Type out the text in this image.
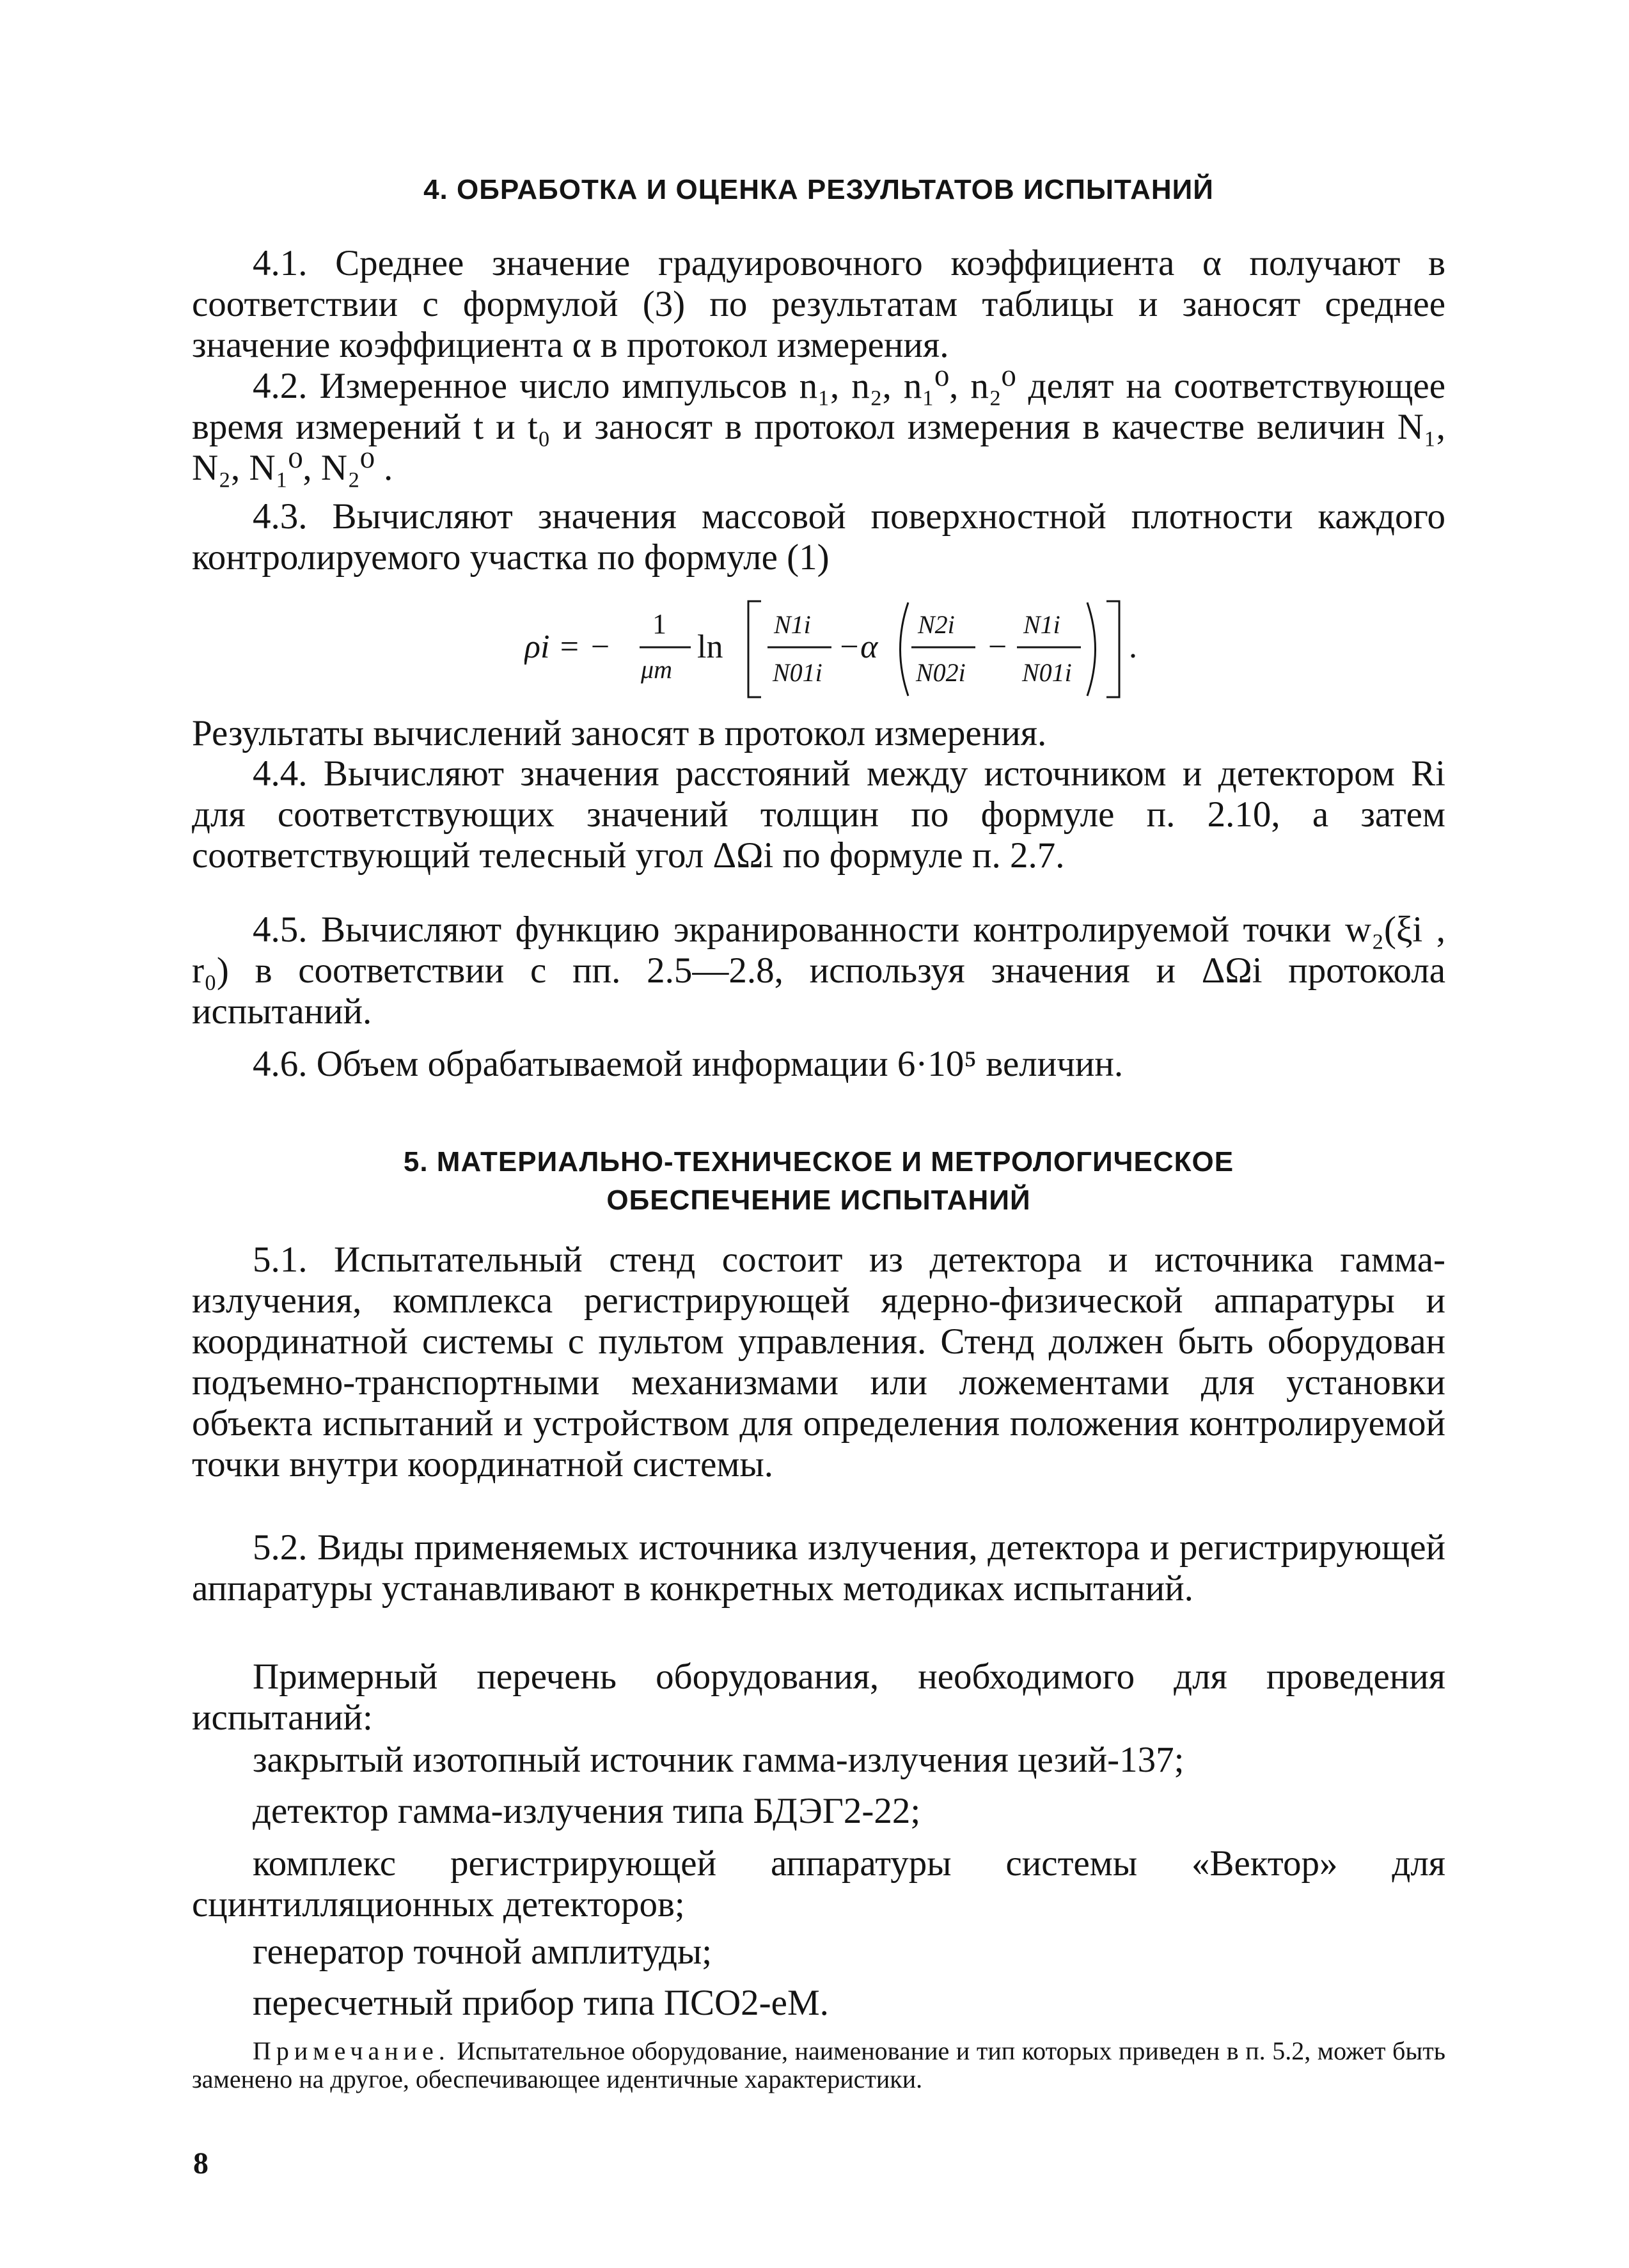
4. ОБРАБОТКА И ОЦЕНКА РЕЗУЛЬТАТОВ ИСПЫТАНИЙ
4.1. Среднее значение градуировочного коэффициента α получают в соответствии с формулой (3) по результатам таблицы и заносят среднее значение коэффициента α в протокол измерения.
4.2. Измеренное число импульсов n₁, n₂, n₁⁰, n₂⁰ делят на соответствующее время измерений t и t₀ и заносят в протокол измерения в качестве величин N₁, N₂, N₁⁰, N₂⁰ .
4.3. Вычисляют значения массовой поверхностной плотности каждого контролируемого участка по формуле (1)
ρi = −
1
μm
ln
N1i
N01i
−α
N2i
N02i
−
N1i
N01i
.
Результаты вычислений заносят в протокол измерения.
4.4. Вычисляют значения расстояний между источником и детектором Ri для соответствующих значений толщин по формуле п. 2.10, а затем соответствующий телесный угол ΔΩi по формуле п. 2.7.
4.5. Вычисляют функцию экранированности контролируемой точки w₂(ξi , r₀) в соответствии с пп. 2.5—2.8, используя значения и ΔΩi протокола испытаний.
4.6. Объем обрабатываемой информации 6·10⁵ величин.
5. МАТЕРИАЛЬНО-ТЕХНИЧЕСКОЕ И МЕТРОЛОГИЧЕСКОЕ
ОБЕСПЕЧЕНИЕ ИСПЫТАНИЙ
5.1. Испытательный стенд состоит из детектора и источника гамма-излучения, комплекса регистрирующей ядерно-физической аппаратуры и координатной системы с пультом управления. Стенд должен быть оборудован подъемно-транспортными механизмами или ложементами для установки объекта испытаний и устройством для определения положения контролируемой точки внутри координатной системы.
5.2. Виды применяемых источника излучения, детектора и регистрирующей аппаратуры устанавливают в конкретных методиках испытаний.
Примерный перечень оборудования, необходимого для проведения испытаний:
закрытый изотопный источник гамма-излучения цезий-137;
детектор гамма-излучения типа БДЭГ2-22;
комплекс регистрирующей аппаратуры системы «Вектор» для сцинтилляционных детекторов;
генератор точной амплитуды;
пересчетный прибор типа ПСО2-еМ.
Примечание. Испытательное оборудование, наименование и тип которых приведен в п. 5.2, может быть заменено на другое, обеспечивающее идентичные характеристики.
8
